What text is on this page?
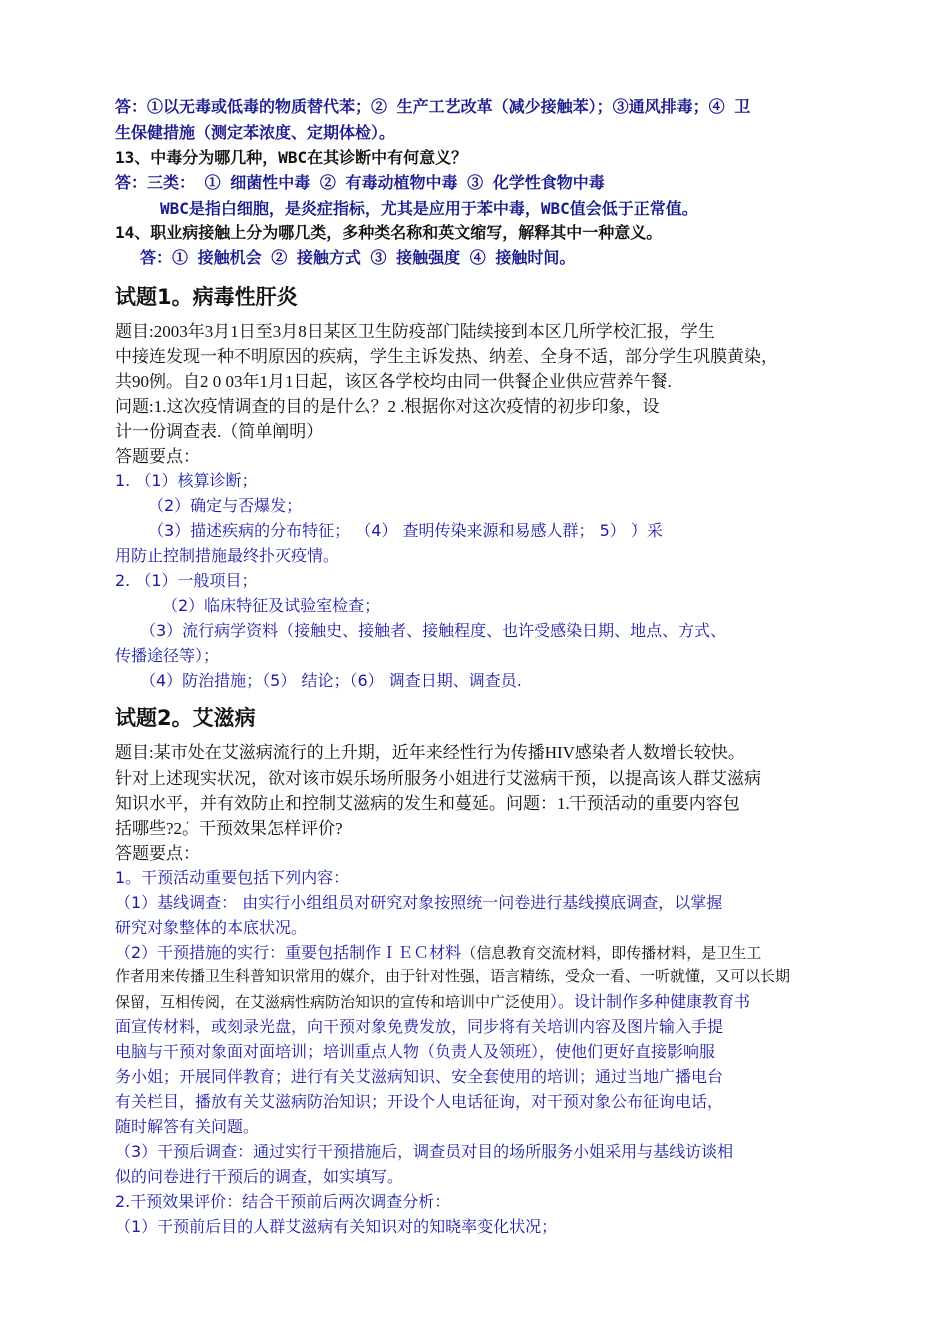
答：①以无毒或低毒的物质替代苯；② 生产工艺改革（减少接触苯）；③通风排毒；④ 卫
生保健措施（测定苯浓度、定期体检）。
13、中毒分为哪几种，WBC在其诊断中有何意义？
答：三类： ① 细菌性中毒 ② 有毒动植物中毒 ③ 化学性食物中毒
WBC是指白细胞，是炎症指标，尤其是应用于苯中毒，WBC值会低于正常值。
14、职业病接触上分为哪几类，多种类名称和英文缩写，解释其中一种意义。
答：① 接触机会 ② 接触方式 ③ 接触强度 ④ 接触时间。
试题1。病毒性肝炎
题目:2003年3月1日至3月8日某区卫生防疫部门陆续接到本区几所学校汇报，学生
中接连发现一种不明原因的疾病，学生主诉发热、纳差、全身不适，部分学生巩膜黄染，
共90例。自2 0 03年1月1日起，该区各学校均由同一供餐企业供应营养午餐.
问题:1.这次疫情调查的目的是什么？2 ܿ.根据你对这次疫情的初步印象，设
计一份调查表.（简单阐明）
答题要点：
1. （1）核算诊断；
（2）确定与否爆发；
（3）描述疾病的分布特征； （4） ܿ查明传染来源和易感人群； 5） ܿ）采
用防止控制措施最终扑灭疫情。
2. （1）一般项目；
（2）临床特征及试验室检查；
（3）流行病学资料（接触史、接触者、接触程度、也许受感染日期、地点、方式、
传播途径等）；
（4）防治措施；（5） ܿ结论；（6） ܿ调查日期、调查员.
试题2。艾滋病
题目:某市处在艾滋病流行的上升期，近年来经性行为传播HIV感染者人数增长较快。
针对上述现实状况，欲对该市娱乐场所服务小姐进行艾滋病干预，以提高该人群艾滋病
知识水平，并有效防止和控制艾滋病的发生和蔓延。ܿ问题：1ܿ.干预活动的重要内容包
括哪些?2ܿ。干预效果怎样评价?
答题要点：
1。干预活动重要包括下列内容：
（1）基线调查： 由实行小组组员对研究对象按照统一问卷进行基线摸底调查，以掌握
研究对象整体的本底状况。
（2）干预措施的实行：重要包括制作ＩＥＣ材料（信息教育交流材料，即传播材料，是卫生工
作者用来传播卫生科普知识常用的媒介，由于针对性强，语言精练，受众一看、一听就懂，又可以长期
保留，互相传阅，在艾滋病性病防治知识的宣传和培训中广泛使用）。设计制作多种健康教育书
面宣传材料，或刻录光盘，向干预对象免费发放，同步将有关培训内容及图片输入手提
电脑与干预对象面对面培训；培训重点人物（负责人及领班），使他们更好直接影响服
务小姐；开展同伴教育；进行有关艾滋病知识、安全套使用的培训；通过当地广播电台
有关栏目，播放有关艾滋病防治知识；开设个人电话征询，对干预对象公布征询电话，
随时解答有关问题。
（3）干预后调查：通过实行干预措施后，调查员对目的场所服务小姐采用与基线访谈相
似的问卷进行干预后的调查，如实填写。
2.干预效果评价：结合干预前后两次调查分析：
（1）干预前后目的人群艾滋病有关知识对的知晓率变化状况；
